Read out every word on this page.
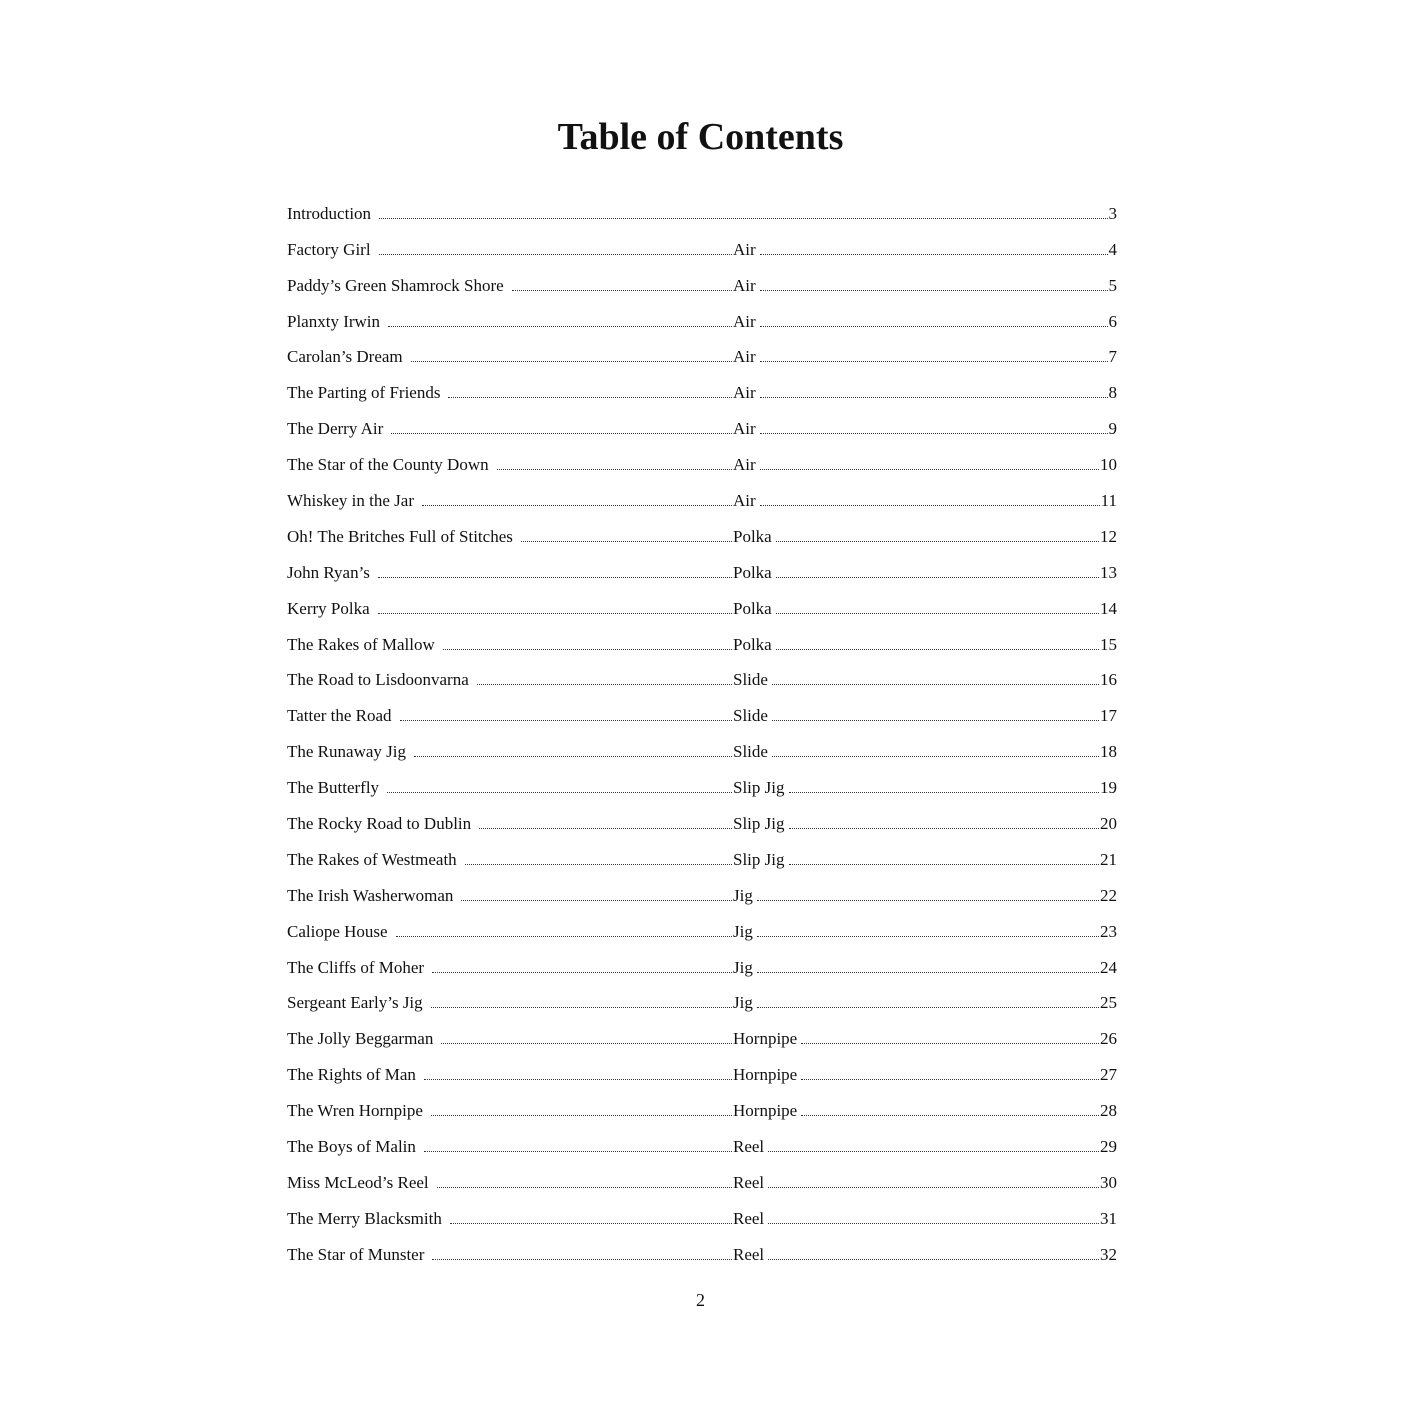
Table of Contents
Introduction	3
Factory Girl	Air	4
Paddy’s Green Shamrock Shore	Air	5
Planxty Irwin	Air	6
Carolan’s Dream	Air	7
The Parting of Friends	Air	8
The Derry Air	Air	9
The Star of the County Down	Air	10
Whiskey in the Jar	Air	11
Oh! The Britches Full of Stitches	Polka	12
John Ryan’s	Polka	13
Kerry Polka	Polka	14
The Rakes of Mallow	Polka	15
The Road to Lisdoonvarna	Slide	16
Tatter the Road	Slide	17
The Runaway Jig	Slide	18
The Butterfly	Slip Jig	19
The Rocky Road to Dublin	Slip Jig	20
The Rakes of Westmeath	Slip Jig	21
The Irish Washerwoman	Jig	22
Caliope House	Jig	23
The Cliffs of Moher	Jig	24
Sergeant Early’s Jig	Jig	25
The Jolly Beggarman	Hornpipe	26
The Rights of Man	Hornpipe	27
The Wren Hornpipe	Hornpipe	28
The Boys of Malin	Reel	29
Miss McLeod’s Reel	Reel	30
The Merry Blacksmith	Reel	31
The Star of Munster	Reel	32
2
